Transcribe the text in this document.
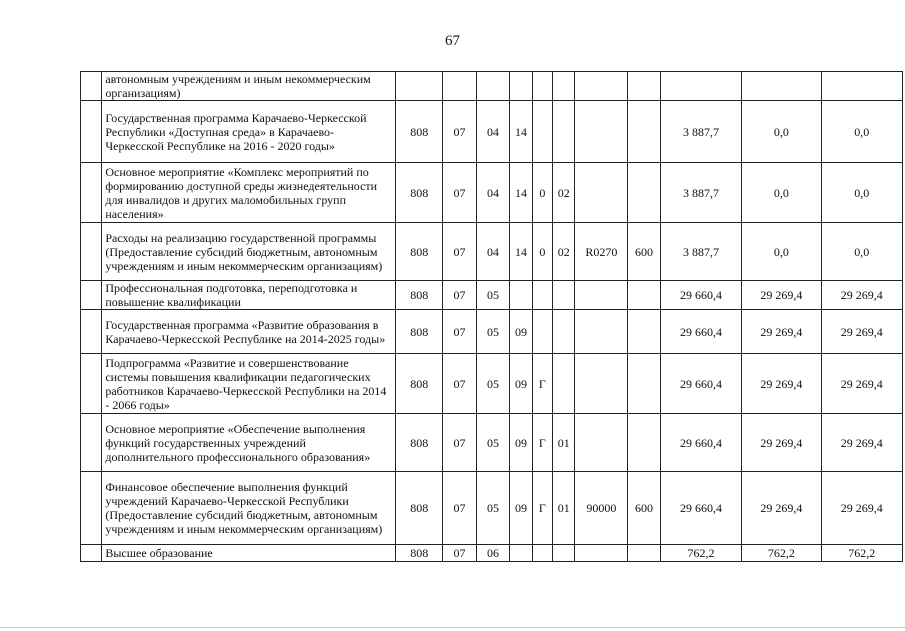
67
	автономным учреждениям и иным некоммерческим организациям)											
	Государственная программа Карачаево-Черкесской Республики «Доступная среда» в Карачаево-Черкесской Республике на 2016 - 2020 годы»	808	07	04	14					3 887,7	0,0	0,0
	Основное мероприятие «Комплекс мероприятий по формированию доступной среды жизнедеятельности для инвалидов и других маломобильных групп населения»	808	07	04	14	0	02			3 887,7	0,0	0,0
	Расходы на реализацию государственной программы (Предоставление субсидий бюджетным, автономным учреждениям и иным некоммерческим организациям)	808	07	04	14	0	02	R0270	600	3 887,7	0,0	0,0
	Профессиональная подготовка, переподготовка и повышение квалификации	808	07	05						29 660,4	29 269,4	29 269,4
	Государственная программа «Развитие образования в Карачаево-Черкесской Республике на 2014-2025 годы»	808	07	05	09					29 660,4	29 269,4	29 269,4
	Подпрограмма «Развитие и совершенствование системы повышения квалификации педагогических работников Карачаево-Черкесской Республики на 2014 - 2066 годы»	808	07	05	09	Г				29 660,4	29 269,4	29 269,4
	Основное мероприятие «Обеспечение выполнения функций государственных учреждений дополнительного профессионального образования»	808	07	05	09	Г	01			29 660,4	29 269,4	29 269,4
	Финансовое обеспечение выполнения функций учреждений Карачаево-Черкесской Республики (Предоставление субсидий бюджетным, автономным учреждениям и иным некоммерческим организациям)	808	07	05	09	Г	01	90000	600	29 660,4	29 269,4	29 269,4
	Высшее образование	808	07	06						762,2	762,2	762,2
